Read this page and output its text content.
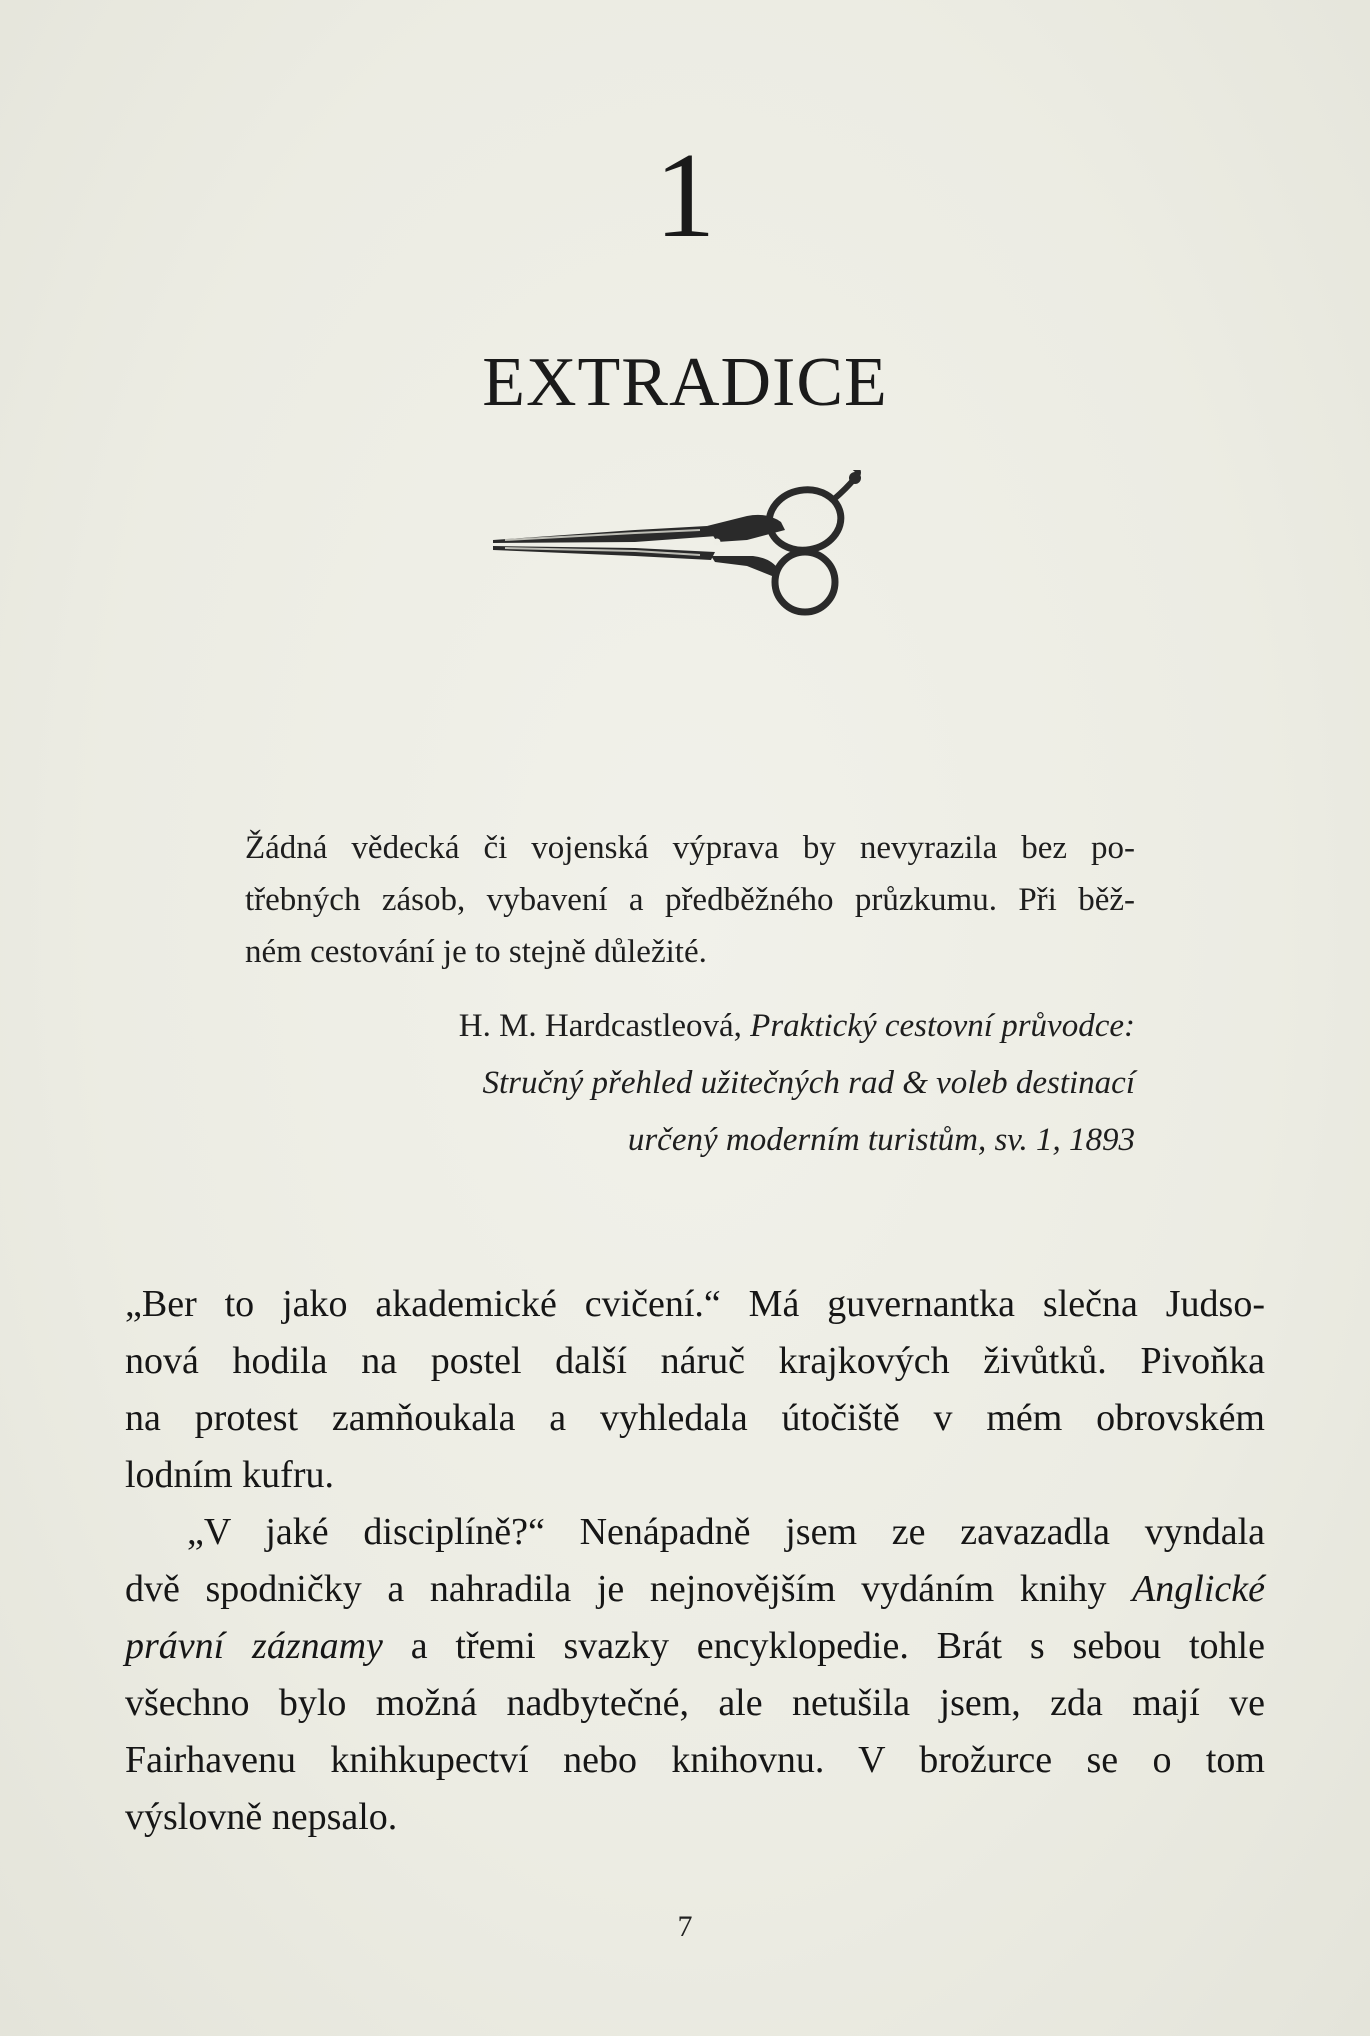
1
EXTRADICE
Žádná vědecká či vojenská výprava by nevyrazila bez po-
třebných zásob, vybavení a předběžného průzkumu. Při běž-
ném cestování je to stejně důležité.
H. M. Hardcastleová, Praktický cestovní průvodce:
Stručný přehled užitečných rad & voleb destinací
určený moderním turistům, sv. 1, 1893
„Ber to jako akademické cvičení.“ Má guvernantka slečna Judso-
nová hodila na postel další náruč krajkových živůtků. Pivoňka
na protest zamňoukala a vyhledala útočiště v mém obrovském
lodním kufru.
„V jaké disciplíně?“ Nenápadně jsem ze zavazadla vyndala
dvě spodničky a nahradila je nejnovějším vydáním knihy Anglické
právní záznamy a třemi svazky encyklopedie. Brát s sebou tohle
všechno bylo možná nadbytečné, ale netušila jsem, zda mají ve
Fairhavenu knihkupectví nebo knihovnu. V brožurce se o tom
výslovně nepsalo.
7
